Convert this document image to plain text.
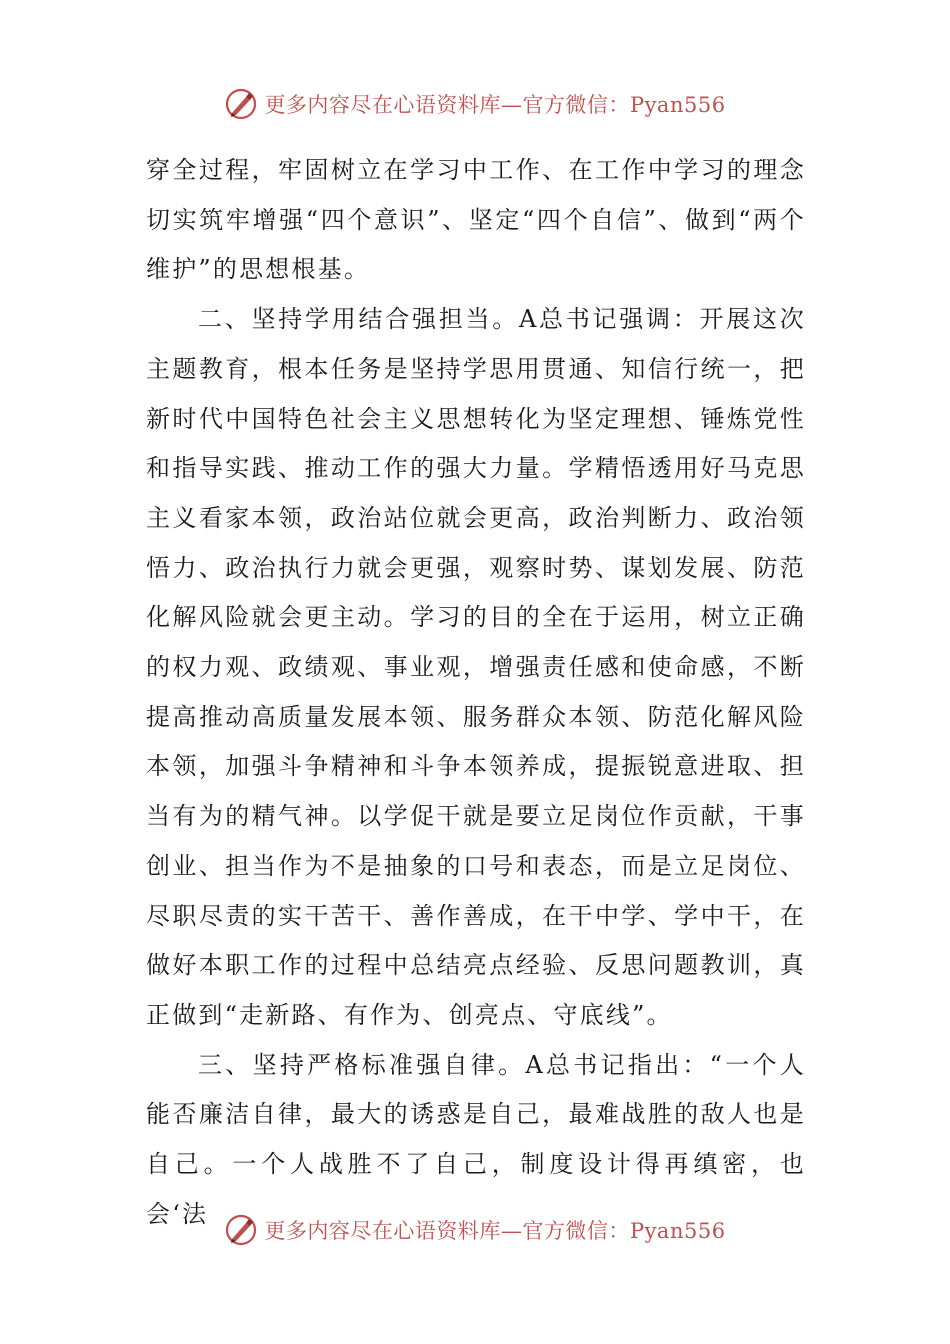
更多内容尽在心语资料库—官方微信：Pyan556

穿全过程，牢固树立在学习中工作、在工作中学习的理念切实筑牢增强“四个意识”、坚定“四个自信”、做到“两个维护”的思想根基。

二、坚持学用结合强担当。A总书记强调：开展这次主题教育，根本任务是坚持学思用贯通、知信行统一，把新时代中国特色社会主义思想转化为坚定理想、锤炼党性和指导实践、推动工作的强大力量。学精悟透用好马克思主义看家本领，政治站位就会更高，政治判断力、政治领悟力、政治执行力就会更强，观察时势、谋划发展、防范化解风险就会更主动。学习的目的全在于运用，树立正确的权力观、政绩观、事业观，增强责任感和使命感，不断提高推动高质量发展本领、服务群众本领、防范化解风险本领，加强斗争精神和斗争本领养成，提振锐意进取、担当有为的精气神。以学促干就是要立足岗位作贡献，干事创业、担当作为不是抽象的口号和表态，而是立足岗位、尽职尽责的实干苦干、善作善成，在干中学、学中干，在做好本职工作的过程中总结亮点经验、反思问题教训，真正做到“走新路、有作为、创亮点、守底线”。

三、坚持严格标准强自律。A总书记指出：“一个人能否廉洁自律，最大的诱惑是自己，最难战胜的敌人也是自己。一个人战胜不了自己，制度设计得再缜密，也会‘法

更多内容尽在心语资料库—官方微信：Pyan556
